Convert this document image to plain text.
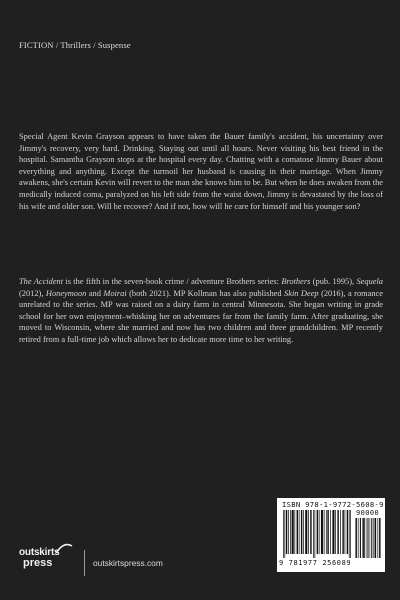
FICTION / Thrillers / Suspense

Special Agent Kevin Grayson appears to have taken the Bauer family's accident, his uncertainty over Jimmy's recovery, very hard. Drinking. Staying out until all hours. Never visiting his best friend in the hospital. Samantha Grayson stops at the hospital every day. Chatting with a comatose Jimmy Bauer about everything and anything. Except the turmoil her husband is causing in their marriage. When Jimmy awakens, she's certain Kevin will revert to the man she knows him to be. But when he does awaken from the medically induced coma, paralyzed on his left side from the waist down, Jimmy is devastated by the loss of his wife and older son. Will he recover? And if not, how will he care for himself and his younger son?

The Accident is the fifth in the seven-book crime / adventure Brothers series: Brothers (pub. 1995), Sequela (2012), Honeymoon and Moirai (both 2021). MP Kollman has also published Skin Deep (2016), a romance unrelated to the series. MP was raised on a dairy farm in central Minnesota. She began writing in grade school for her own enjoyment–whisking her on adventures far from the family farm. After graduating, she moved to Wisconsin, where she married and now has two children and three grandchildren. MP recently retired from a full-time job which allows her to dedicate more time to her writing.

ISBN 978-1-9772-5608-9
90000
9 781977 256089
outskirts
press	outskirtspress.com
